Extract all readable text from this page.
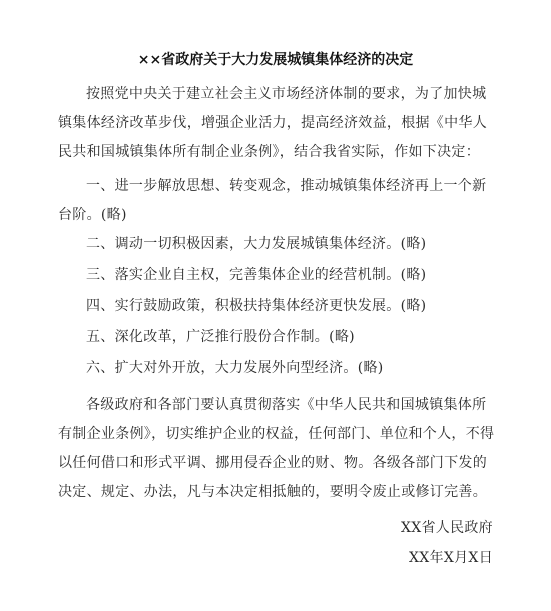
××省政府关于大力发展城镇集体经济的决定
按照党中央关于建立社会主义市场经济体制的要求，为了加快城镇集体经济改革步伐，增强企业活力，提高经济效益，根据《中华人民共和国城镇集体所有制企业条例》，结合我省实际，作如下决定：
一、进一步解放思想、转变观念，推动城镇集体经济再上一个新台阶。(略)
二、调动一切积极因素，大力发展城镇集体经济。(略)
三、落实企业自主权，完善集体企业的经营机制。(略)
四、实行鼓励政策，积极扶持集体经济更快发展。(略)
五、深化改革，广泛推行股份合作制。(略)
六、扩大对外开放，大力发展外向型经济。(略)
各级政府和各部门要认真贯彻落实《中华人民共和国城镇集体所有制企业条例》，切实维护企业的权益，任何部门、单位和个人，不得以任何借口和形式平调、挪用侵吞企业的财、物。各级各部门下发的决定、规定、办法，凡与本决定相抵触的，要明令废止或修订完善。
XX省人民政府
XX年X月X日
